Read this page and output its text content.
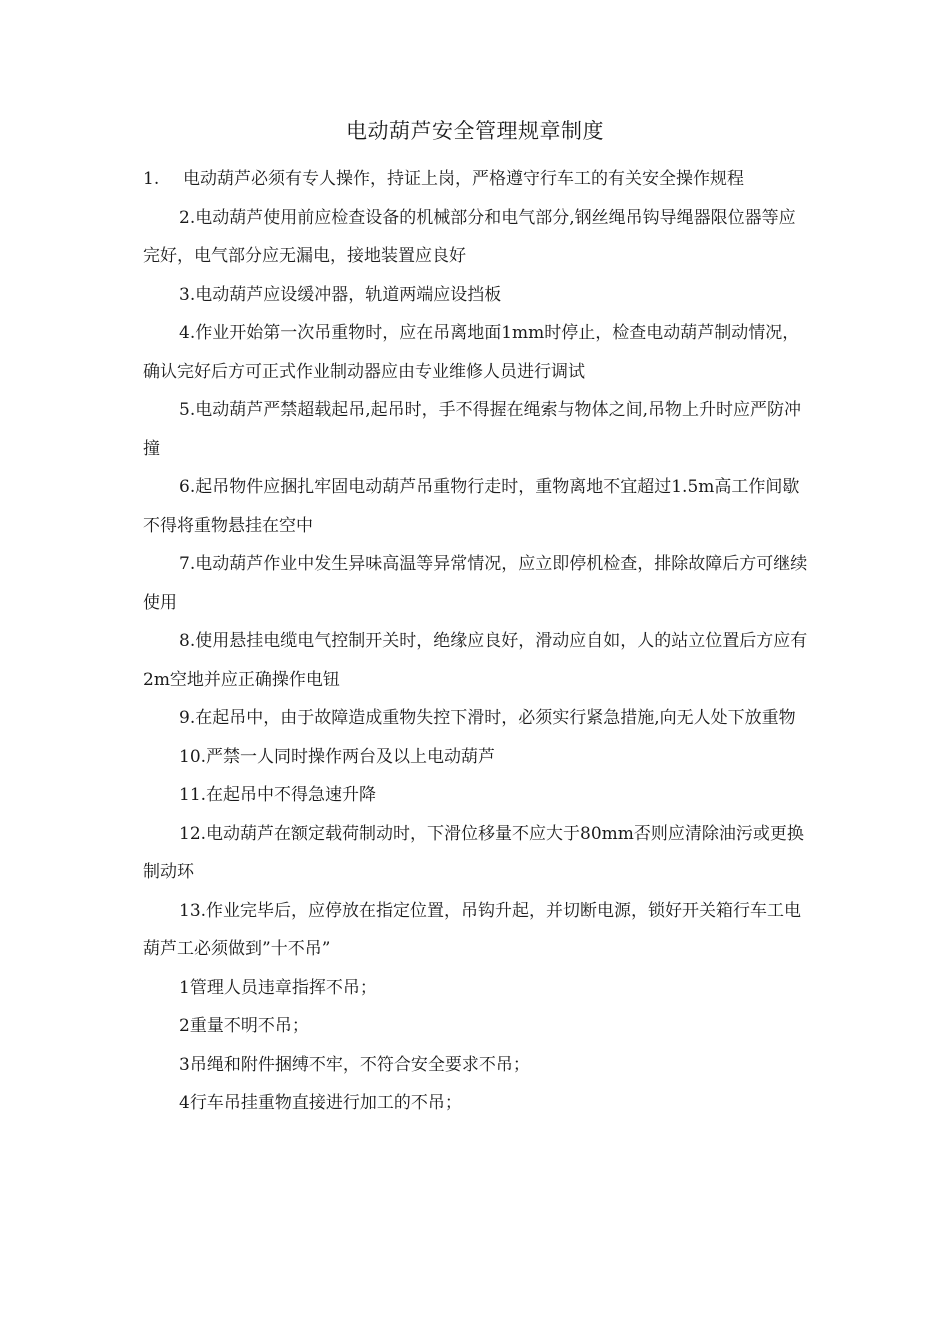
电动葫芦安全管理规章制度

1. 电动葫芦必须有专人操作，持证上岗，严格遵守行车工的有关安全操作规程

2.电动葫芦使用前应检查设备的机械部分和电气部分,钢丝绳吊钩导绳器限位器等应完好，电气部分应无漏电，接地装置应良好

3.电动葫芦应设缓冲器，轨道两端应设挡板

4.作业开始第一次吊重物时，应在吊离地面1mm时停止，检查电动葫芦制动情况，确认完好后方可正式作业制动器应由专业维修人员进行调试

5.电动葫芦严禁超载起吊,起吊时，手不得握在绳索与物体之间,吊物上升时应严防冲撞

6.起吊物件应捆扎牢固电动葫芦吊重物行走时，重物离地不宜超过1.5m高工作间歇不得将重物悬挂在空中

7.电动葫芦作业中发生异味高温等异常情况，应立即停机检查，排除故障后方可继续使用

8.使用悬挂电缆电气控制开关时，绝缘应良好，滑动应自如，人的站立位置后方应有2m空地并应正确操作电钮

9.在起吊中，由于故障造成重物失控下滑时，必须实行紧急措施,向无人处下放重物

10.严禁一人同时操作两台及以上电动葫芦

11.在起吊中不得急速升降

12.电动葫芦在额定载荷制动时，下滑位移量不应大于80mm否则应清除油污或更换制动环

13.作业完毕后，应停放在指定位置，吊钩升起，并切断电源，锁好开关箱行车工电葫芦工必须做到”十不吊”

1管理人员违章指挥不吊；

2重量不明不吊；

3吊绳和附件捆缚不牢，不符合安全要求不吊；

4行车吊挂重物直接进行加工的不吊；
